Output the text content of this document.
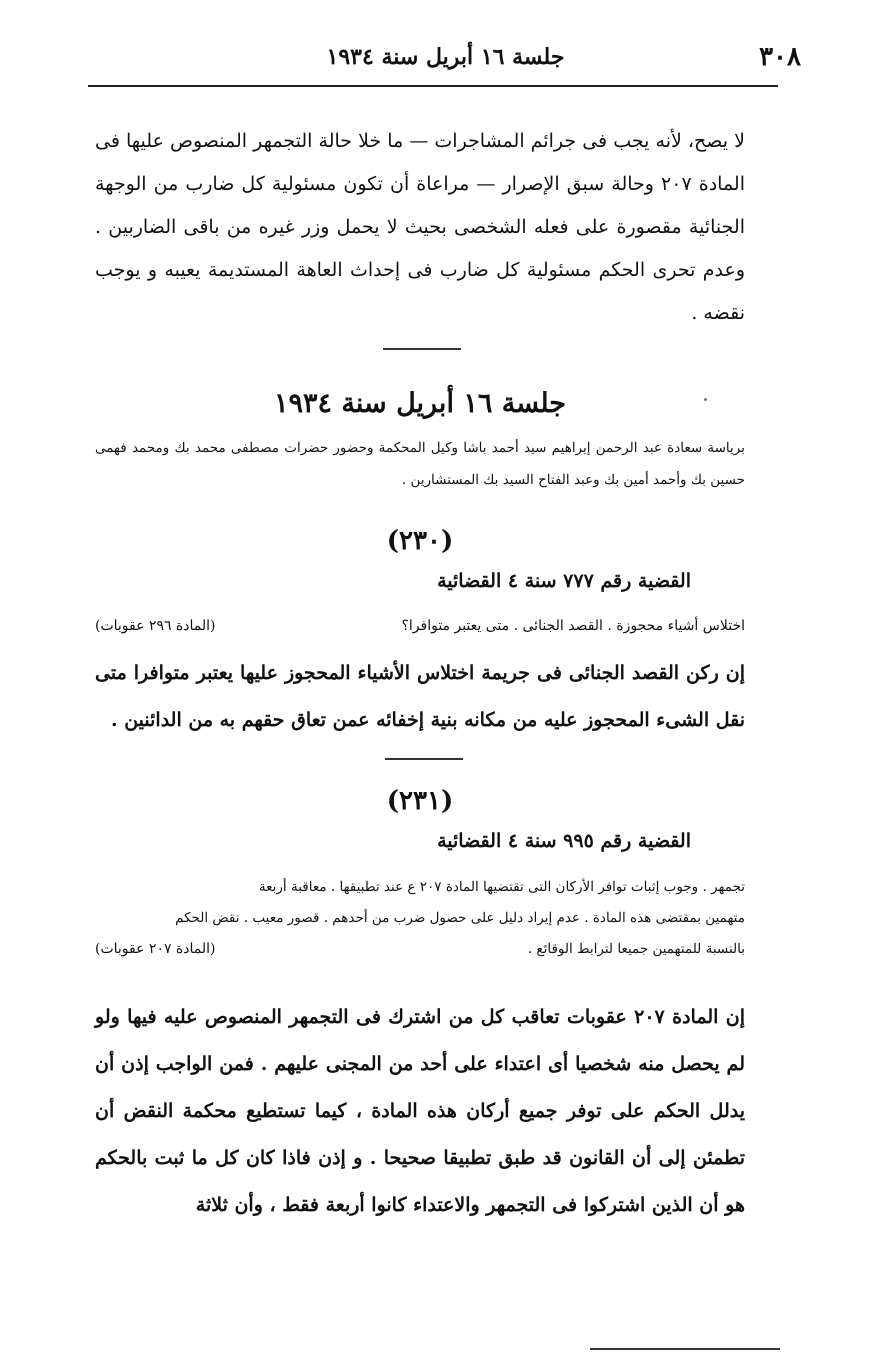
٣٠٨
جلسة ١٦ أبريل سنة ١٩٣٤
لا يصح، لأنه يجب فى جرائم المشاجرات — ما خلا حالة التجمهر المنصوص عليها فى المادة ٢٠٧ وحالة سبق الإصرار — مراعاة أن تكون مسئولية كل ضارب من الوجهة الجنائية مقصورة على فعله الشخصى بحيث لا يحمل وزر غيره من باقى الضاربين . وعدم تحرى الحكم مسئولية كل ضارب فى إحداث العاهة المستديمة يعيبه و يوجب نقضه .
جلسة ١٦ أبريل سنة ١٩٣٤
برياسة سعادة عبد الرحمن إبراهيم سيد أحمد باشا وكيل المحكمة وحضور حضرات مصطفى محمد بك ومحمد فهمى حسين بك وأحمد أمين بك وعبد الفتاح السيد بك المستشارين .
(٢٣٠)
القضية رقم ٧٧٧ سنة ٤ القضائية
اختلاس أشياء محجوزة . القصد الجنائى . متى يعتبر متوافرا؟
(المادة ٢٩٦ عقوبات)
إن ركن القصد الجنائى فى جريمة اختلاس الأشياء المحجوز عليها يعتبر متوافرا متى نقل الشىء المحجوز عليه من مكانه بنية إخفائه عمن تعاق حقهم به من الدائنين .
(٢٣١)
القضية رقم ٩٩٥ سنة ٤ القضائية
تجمهر . وجوب إثبات توافر الأركان التى تقتضيها المادة ٢٠٧ ع عند تطبيقها . معاقبة أربعة
متهمين بمقتضى هذه المادة . عدم إيراد دليل على حصول ضرب من أحدهم . قصور معيب . نقض الحكم
بالنسبة للمتهمين جميعا لترابط الوقائع .
(المادة ٢٠٧ عقوبات)
إن المادة ٢٠٧ عقوبات تعاقب كل من اشترك فى التجمهر المنصوص عليه فيها ولو لم يحصل منه شخصيا أى اعتداء على أحد من المجنى عليهم . فمن الواجب إذن أن يدلل الحكم على توفر جميع أركان هذه المادة ، كيما تستطيع محكمة النقض أن تطمئن إلى أن القانون قد طبق تطبيقا صحيحا . و إذن فاذا كان كل ما ثبت بالحكم هو أن الذين اشتركوا فى التجمهر والاعتداء كانوا أربعة فقط ، وأن ثلاثة
